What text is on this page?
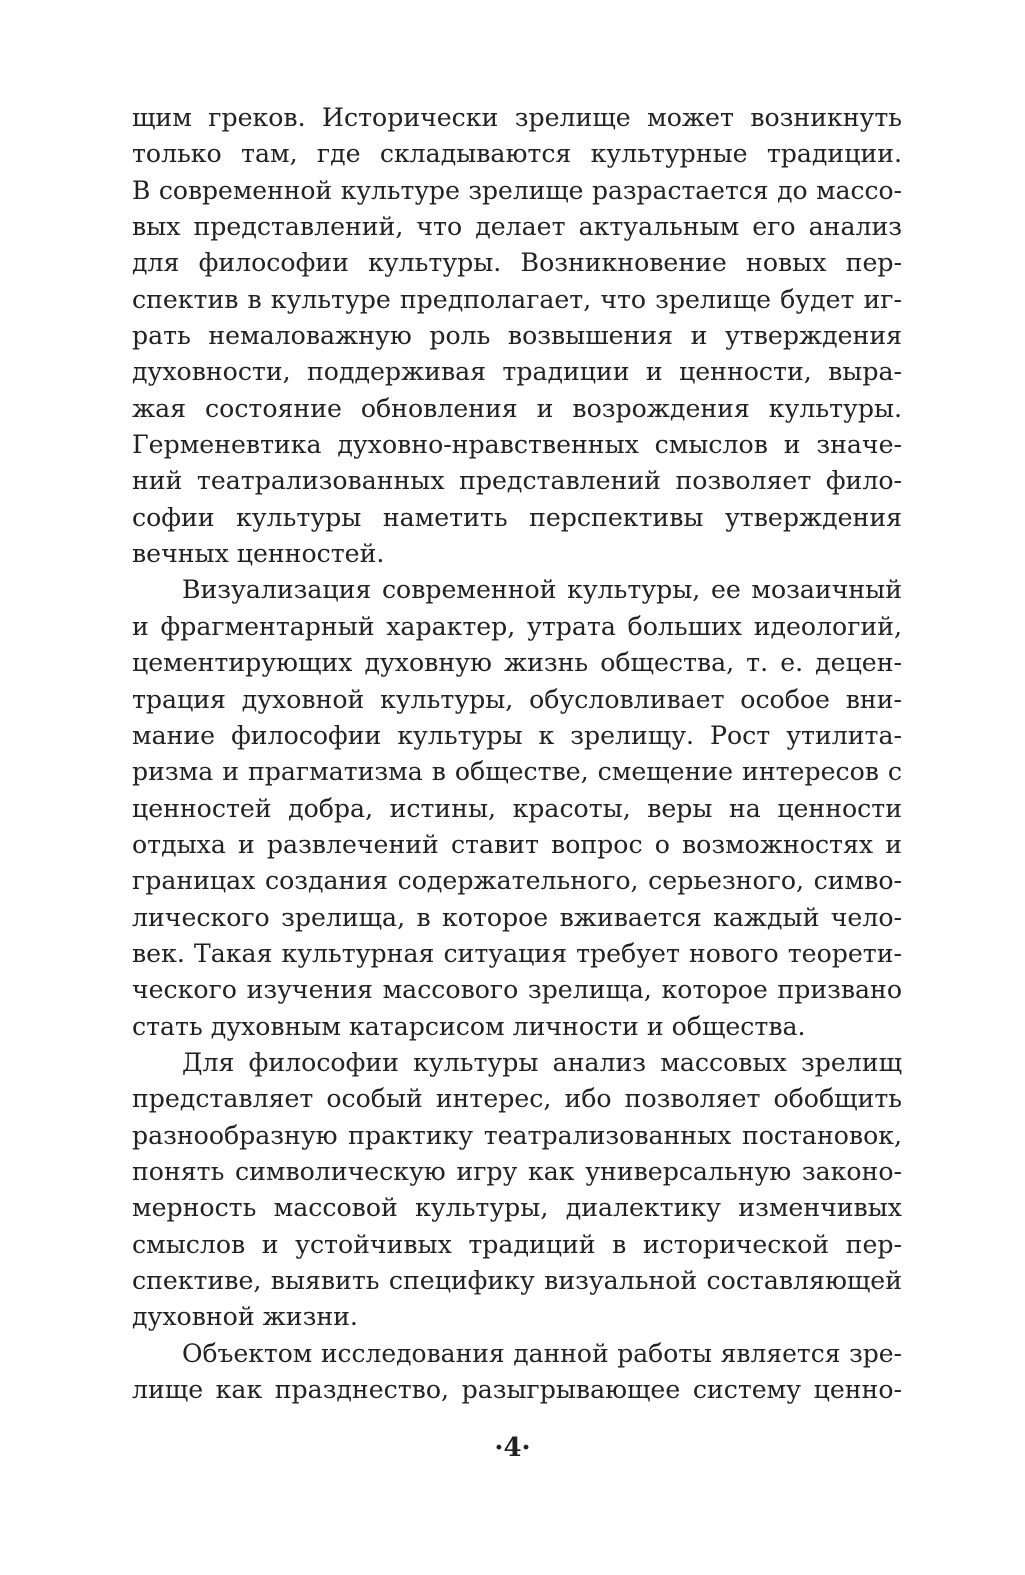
щим греков. Исторически зрелище может возникнуть
только там, где складываются культурные традиции.
В современной культуре зрелище разрастается до массо-
вых представлений, что делает актуальным его анализ
для философии культуры. Возникновение новых пер-
спектив в культуре предполагает, что зрелище будет иг-
рать немаловажную роль возвышения и утверждения
духовности, поддерживая традиции и ценности, выра-
жая состояние обновления и возрождения культуры.
Герменевтика духовно-нравственных смыслов и значе-
ний театрализованных представлений позволяет фило-
софии культуры наметить перспективы утверждения
вечных ценностей.
Визуализация современной культуры, ее мозаичный
и фрагментарный характер, утрата больших идеологий,
цементирующих духовную жизнь общества, т. е. децен-
трация духовной культуры, обусловливает особое вни-
мание философии культуры к зрелищу. Рост утилита-
ризма и прагматизма в обществе, смещение интересов с
ценностей добра, истины, красоты, веры на ценности
отдыха и развлечений ставит вопрос о возможностях и
границах создания содержательного, серьезного, симво-
лического зрелища, в которое вживается каждый чело-
век. Такая культурная ситуация требует нового теорети-
ческого изучения массового зрелища, которое призвано
стать духовным катарсисом личности и общества.
Для философии культуры анализ массовых зрелищ
представляет особый интерес, ибо позволяет обобщить
разнообразную практику театрализованных постановок,
понять символическую игру как универсальную законо-
мерность массовой культуры, диалектику изменчивых
смыслов и устойчивых традиций в исторической пер-
спективе, выявить специфику визуальной составляющей
духовной жизни.
Объектом исследования данной работы является зре-
лище как празднество, разыгрывающее систему ценно-
·4·
